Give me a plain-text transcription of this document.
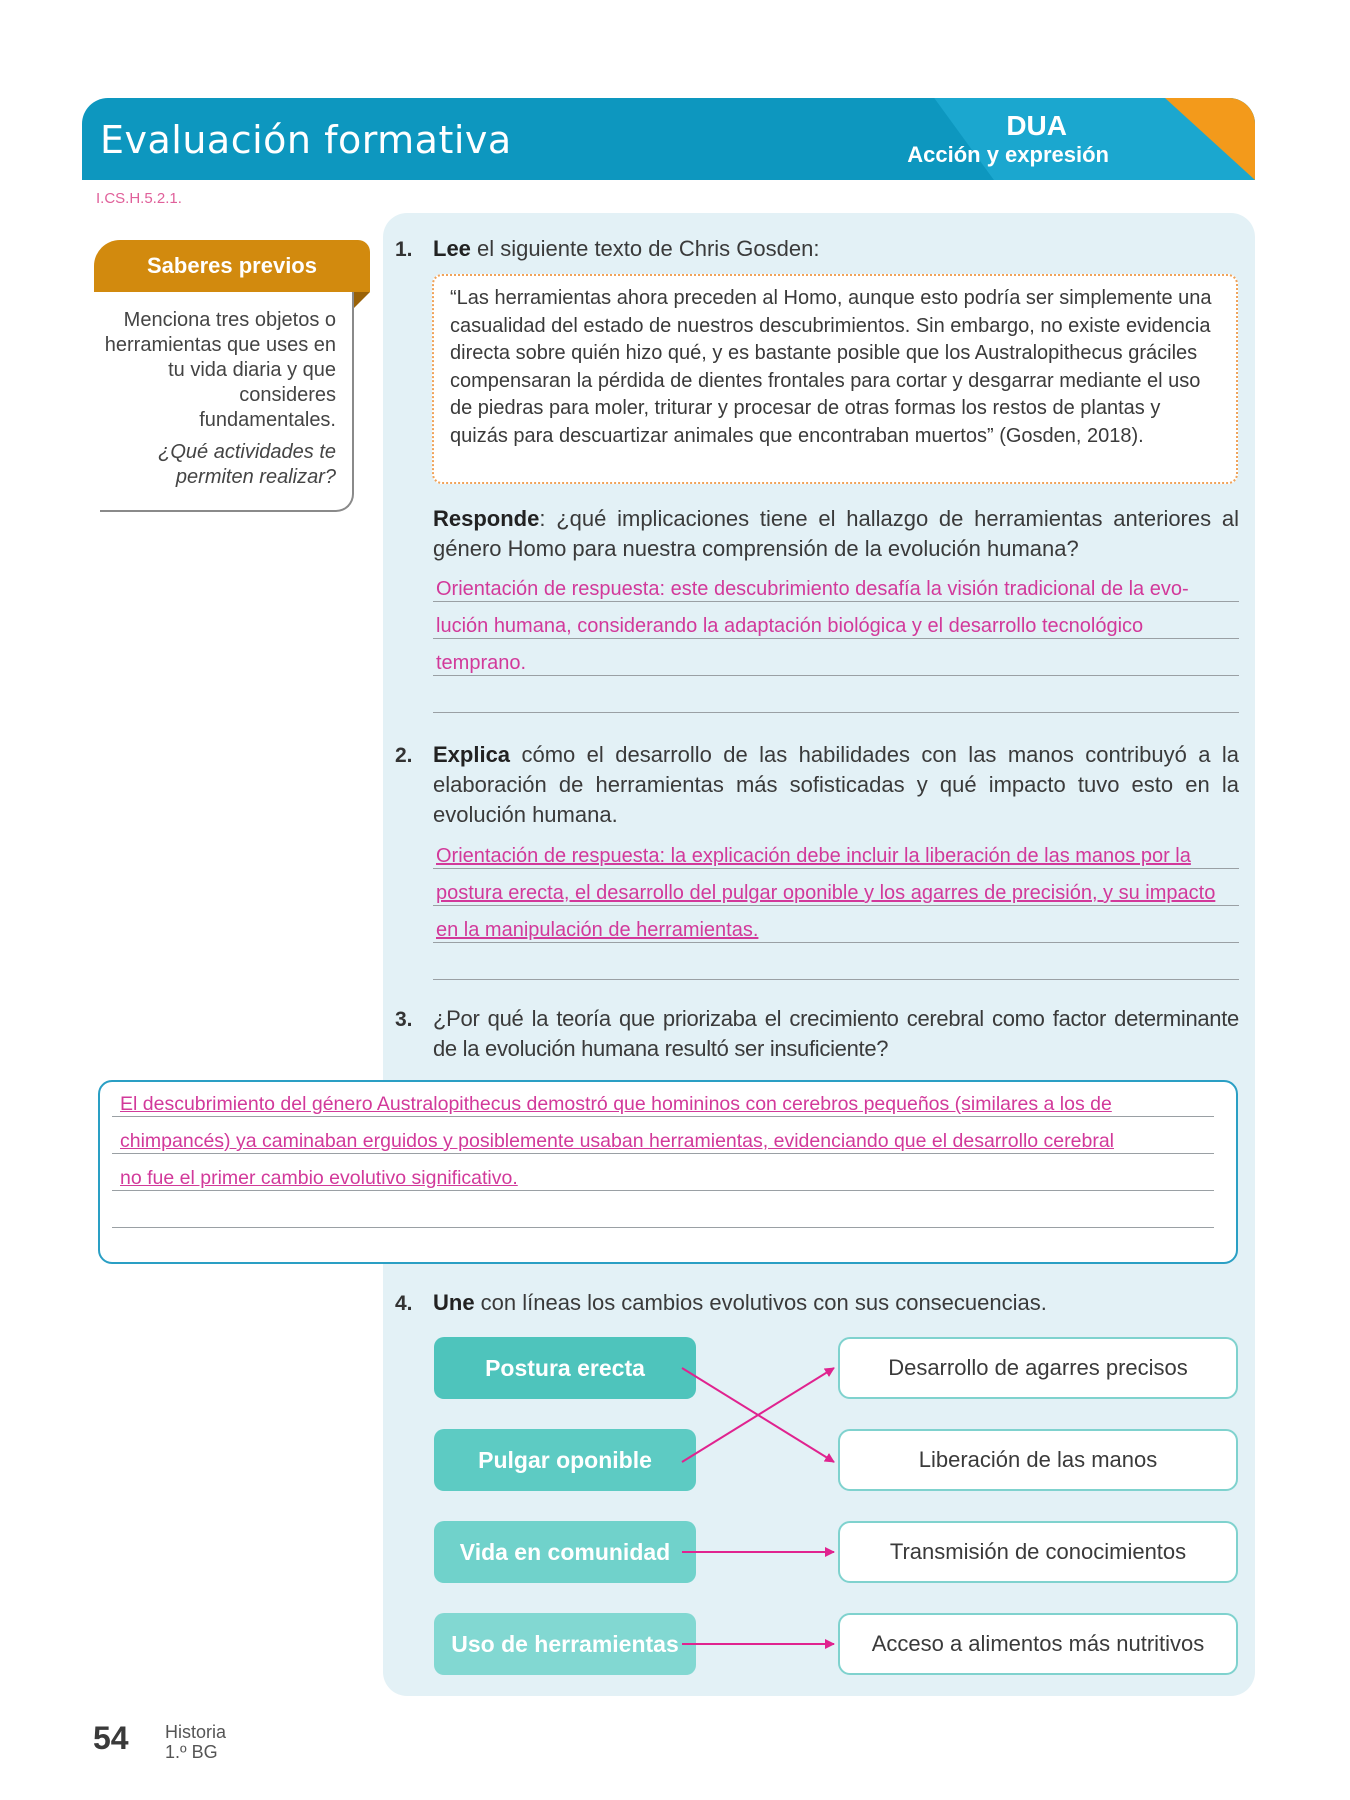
Evaluación formativa	DUA
Acción y expresión
I.CS.H.5.2.1.
Saberes previos
Menciona tres objetos o herramientas que uses en tu vida diaria y que consideres fundamentales.
¿Qué actividades te permiten realizar?
1. Lee el siguiente texto de Chris Gosden:
“Las herramientas ahora preceden al Homo, aunque esto podría ser simplemente una casualidad del estado de nuestros descubrimientos. Sin embargo, no existe evidencia directa sobre quién hizo qué, y es bastante posible que los Australopithecus gráciles compensaran la pérdida de dientes frontales para cortar y desgarrar mediante el uso de piedras para moler, triturar y procesar de otras formas los restos de plantas y quizás para descuartizar animales que encontraban muertos” (Gosden, 2018).
Responde: ¿qué implicaciones tiene el hallazgo de herramientas anteriores al género Homo para nuestra comprensión de la evolución humana?
Orientación de respuesta: este descubrimiento desafía la visión tradicional de la evo-
lución humana, considerando la adaptación biológica y el desarrollo tecnológico
temprano.
2. Explica cómo el desarrollo de las habilidades con las manos contribuyó a la elaboración de herramientas más sofisticadas y qué impacto tuvo esto en la evolución humana.
Orientación de respuesta: la explicación debe incluir la liberación de las manos por la
postura erecta, el desarrollo del pulgar oponible y los agarres de precisión, y su impacto
en la manipulación de herramientas.
3. ¿Por qué la teoría que priorizaba el crecimiento cerebral como factor determinante de la evolución humana resultó ser insuficiente?
El descubrimiento del género Australopithecus demostró que homininos con cerebros pequeños (similares a los de
chimpancés) ya caminaban erguidos y posiblemente usaban herramientas, evidenciando que el desarrollo cerebral
no fue el primer cambio evolutivo significativo.
4. Une con líneas los cambios evolutivos con sus consecuencias.
Postura erecta
Pulgar oponible
Vida en comunidad
Uso de herramientas
Desarrollo de agarres precisos
Liberación de las manos
Transmisión de conocimientos
Acceso a alimentos más nutritivos
54 Historia
1.º BG
